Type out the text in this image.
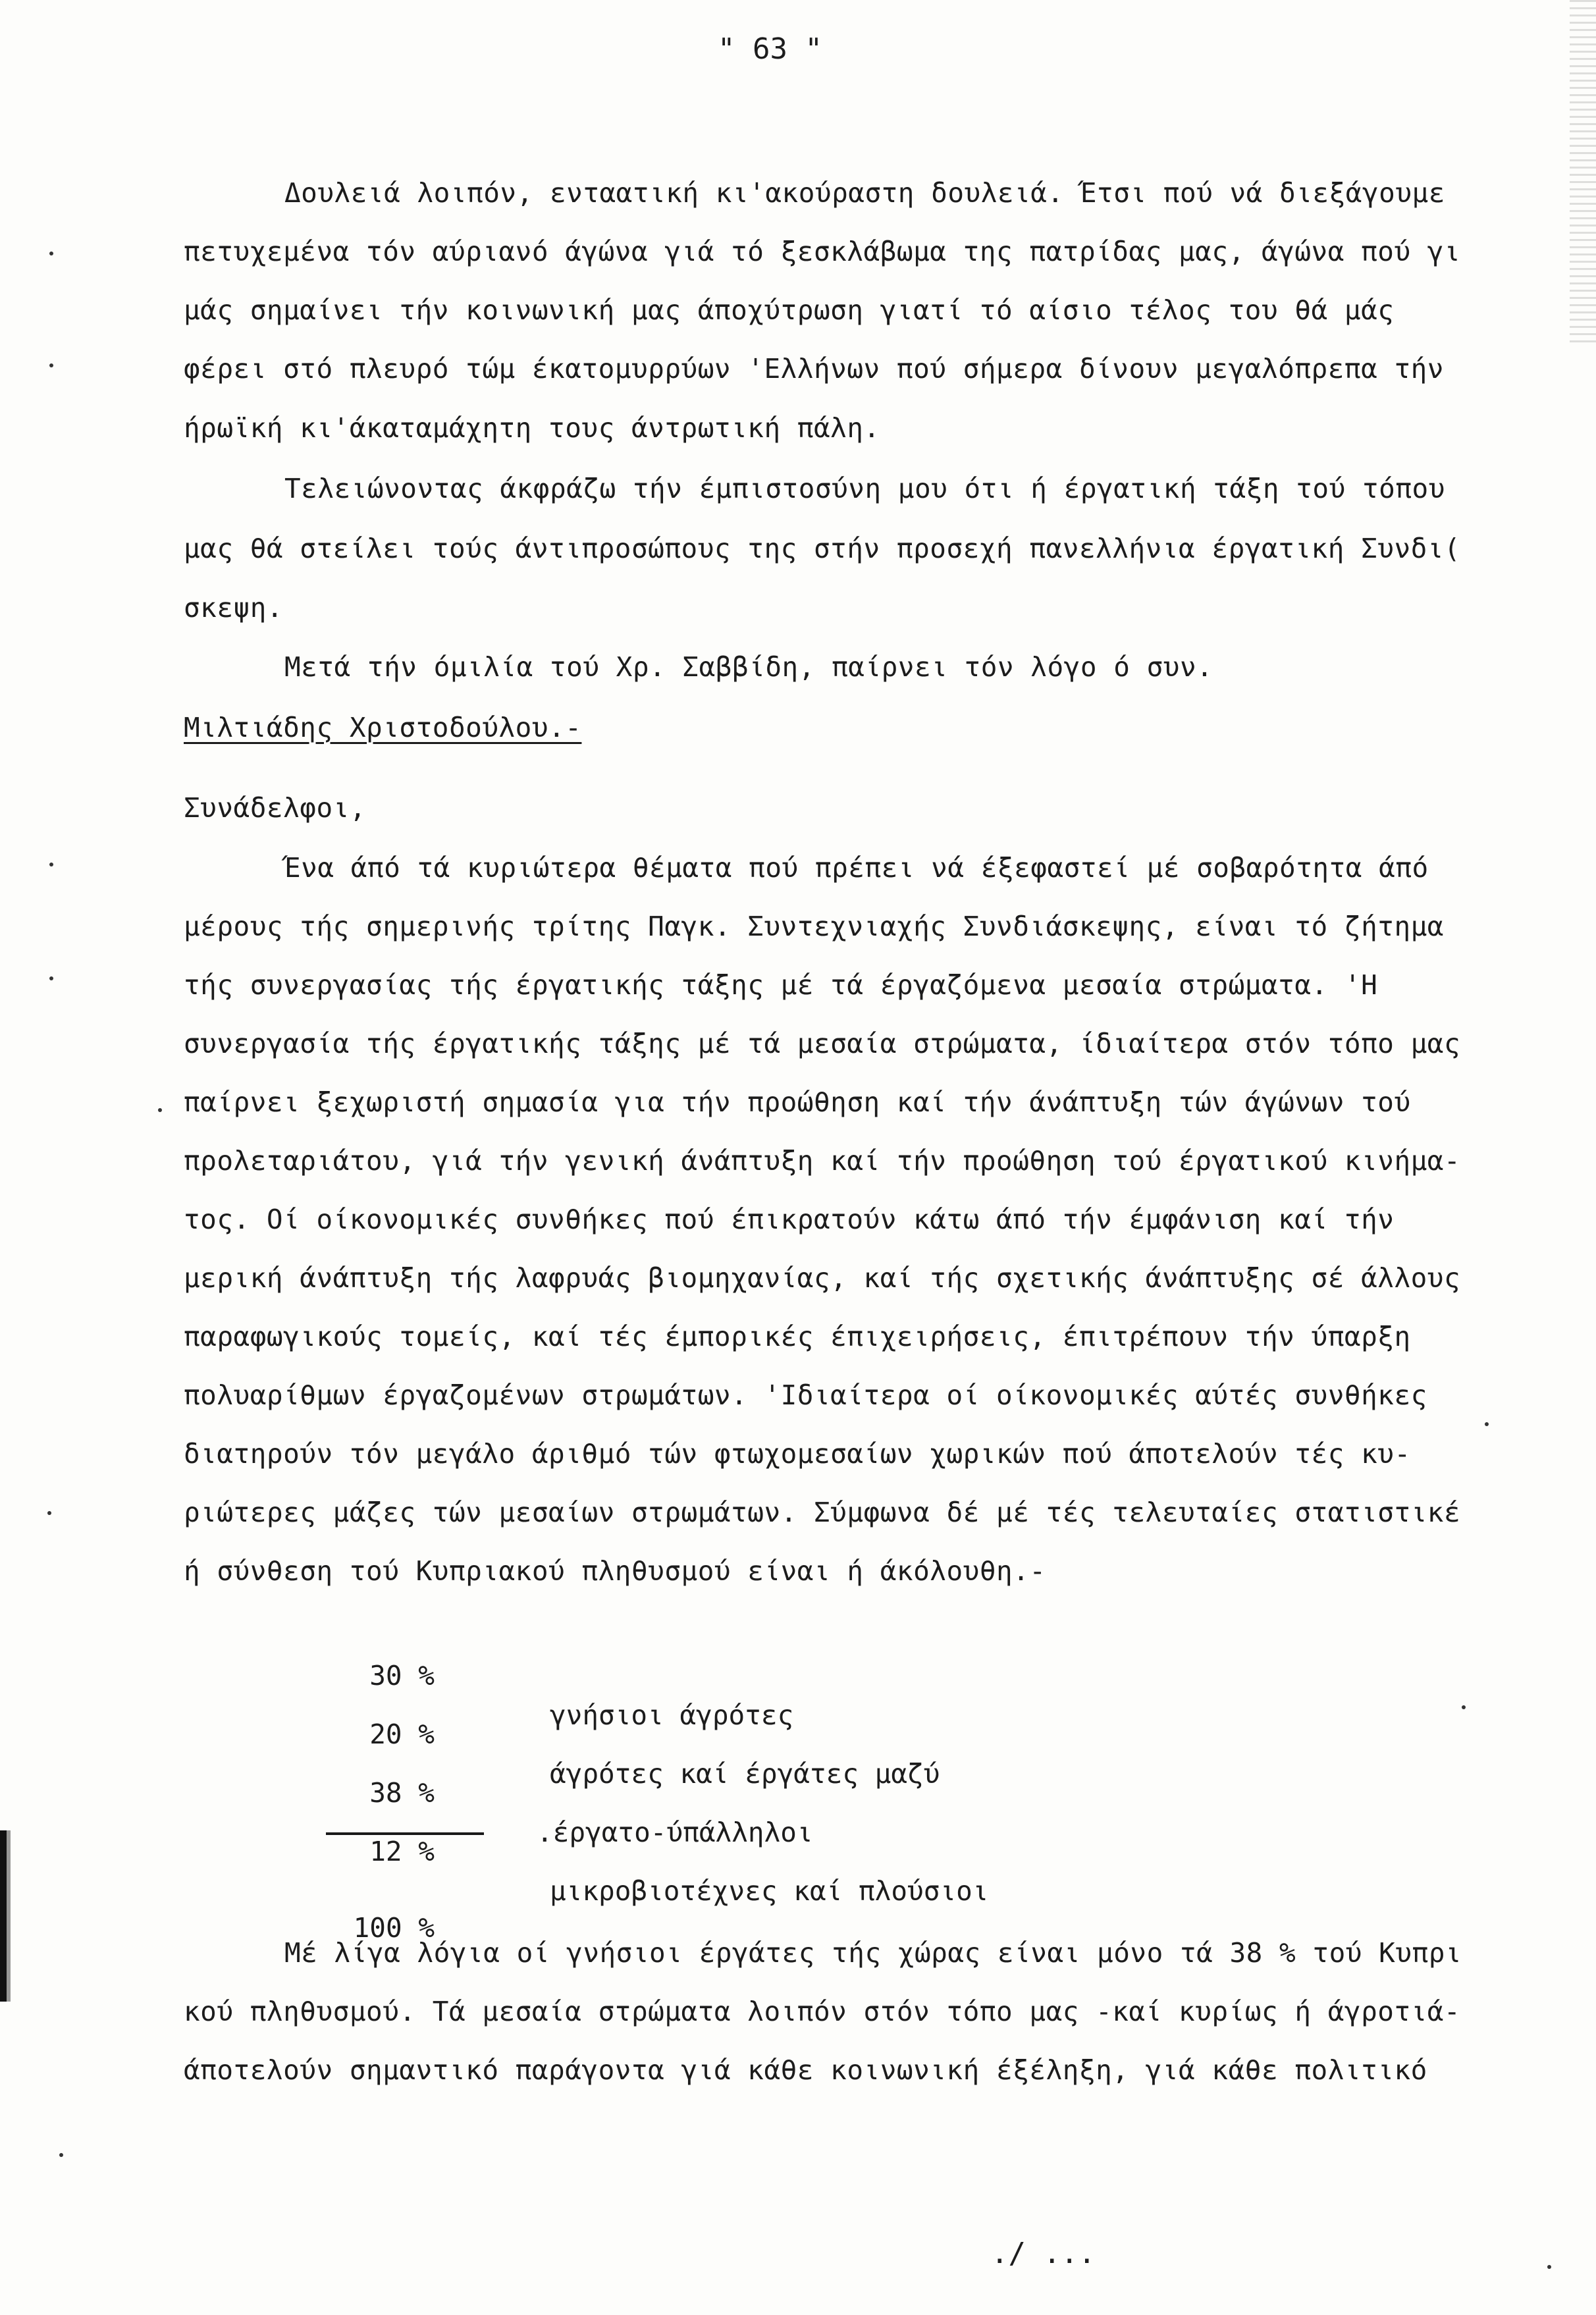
" 63 "
Δουλειά λοιπόν, ενταατική κι'ακούραστη δουλειά. Έτσι πού νά διεξάγουμε
πετυχεμένα τόν αύριανό άγώνα γιά τό ξεσκλάβωμα της πατρίδας μας, άγώνα πού γι
μάς σημαίνει τήν κοινωνική μας άποχύτρωση γιατί τό αίσιο τέλος του θά μάς
φέρει στό πλευρό τώμ έκατομυρρύων 'Ελλήνων πού σήμερα δίνουν μεγαλόπρεπα τήν
ήρωϊκή κι'άκαταμάχητη τους άντρωτική πάλη.
Τελειώνοντας άκφράζω τήν έμπιστοσύνη μου ότι ή έργατική τάξη τού τόπου
μας θά στείλει τούς άντιπροσώπους της στήν προσεχή πανελλήνια έργατική Συνδι(
σκεψη.
Μετά τήν όμιλία τού Χρ. Σαββίδη, παίρνει τόν λόγο ό συν.
Μιλτιάδης Χριστοδούλου.-
Συνάδελφοι,
Ένα άπό τά κυριώτερα θέματα πού πρέπει νά έξεφαστεί μέ σοβαρότητα άπό
μέρους τής σημερινής τρίτης Παγκ. Συντεχνιαχής Συνδιάσκεψης, είναι τό ζήτημα
τής συνεργασίας τής έργατικής τάξης μέ τά έργαζόμενα μεσαία στρώματα. 'Η
συνεργασία τής έργατικής τάξης μέ τά μεσαία στρώματα, ίδιαίτερα στόν τόπο μας
παίρνει ξεχωριστή σημασία για τήν προώθηση καί τήν άνάπτυξη τών άγώνων τού
προλεταριάτου, γιά τήν γενική άνάπτυξη καί τήν προώθηση τού έργατικού κινήμα-
τος. Οί οίκονομικές συνθήκες πού έπικρατούν κάτω άπό τήν έμφάνιση καί τήν
μερική άνάπτυξη τής λαφρυάς βιομηχανίας, καί τής σχετικής άνάπτυξης σέ άλλους
παραφωγικούς τομείς, καί τές έμπορικές έπιχειρήσεις, έπιτρέπουν τήν ύπαρξη
πολυαρίθμων έργαζομένων στρωμάτων. 'Ιδιαίτερα οί οίκονομικές αύτές συνθήκες
διατηρούν τόν μεγάλο άριθμό τών φτωχομεσαίων χωρικών πού άποτελούν τές κυ-
ριώτερες μάζες τών μεσαίων στρωμάτων. Σύμφωνα δέ μέ τές τελευταίες στατιστικέ
ή σύνθεση τού Κυπριακού πληθυσμού είναι ή άκόλουθη.-

30 %

γνήσιοι άγρότες

20 %

άγρότες καί έργάτες μαζύ

38 %

.έργατο-ύπάλληλοι

12 %

μικροβιοτέχνες καί πλούσιοι

100 %

Μέ λίγα λόγια οί γνήσιοι έργάτες τής χώρας είναι μόνο τά 38 % τού Κυπρι
κού πληθυσμού. Τά μεσαία στρώματα λοιπόν στόν τόπο μας -καί κυρίως ή άγροτιά-
άποτελούν σημαντικό παράγοντα γιά κάθε κοινωνική έξέληξη, γιά κάθε πολιτικό
./ ...
